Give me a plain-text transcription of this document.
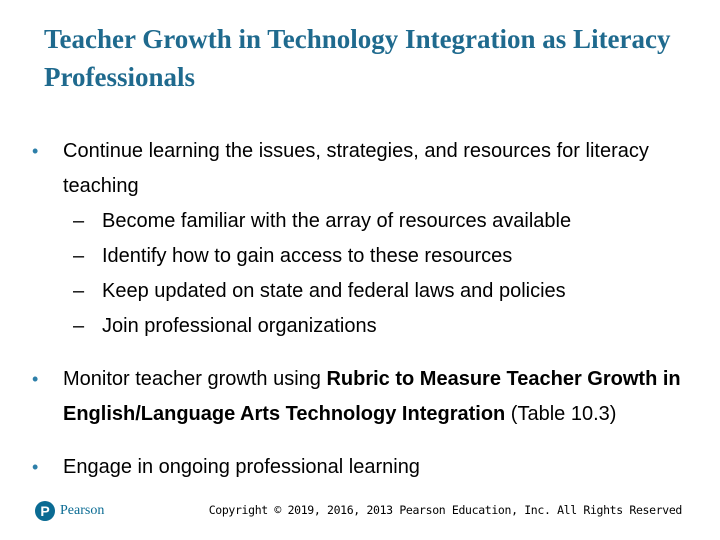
Teacher Growth in Technology Integration as Literacy Professionals
• Continue learning the issues, strategies, and resources for literacy teaching
– Become familiar with the array of resources available
– Identify how to gain access to these resources
– Keep updated on state and federal laws and policies
– Join professional organizations
• Monitor teacher growth using Rubric to Measure Teacher Growth in English/Language Arts Technology Integration (Table 10.3)
• Engage in ongoing professional learning
P Pearson	Copyright © 2019, 2016, 2013 Pearson Education, Inc. All Rights Reserved
